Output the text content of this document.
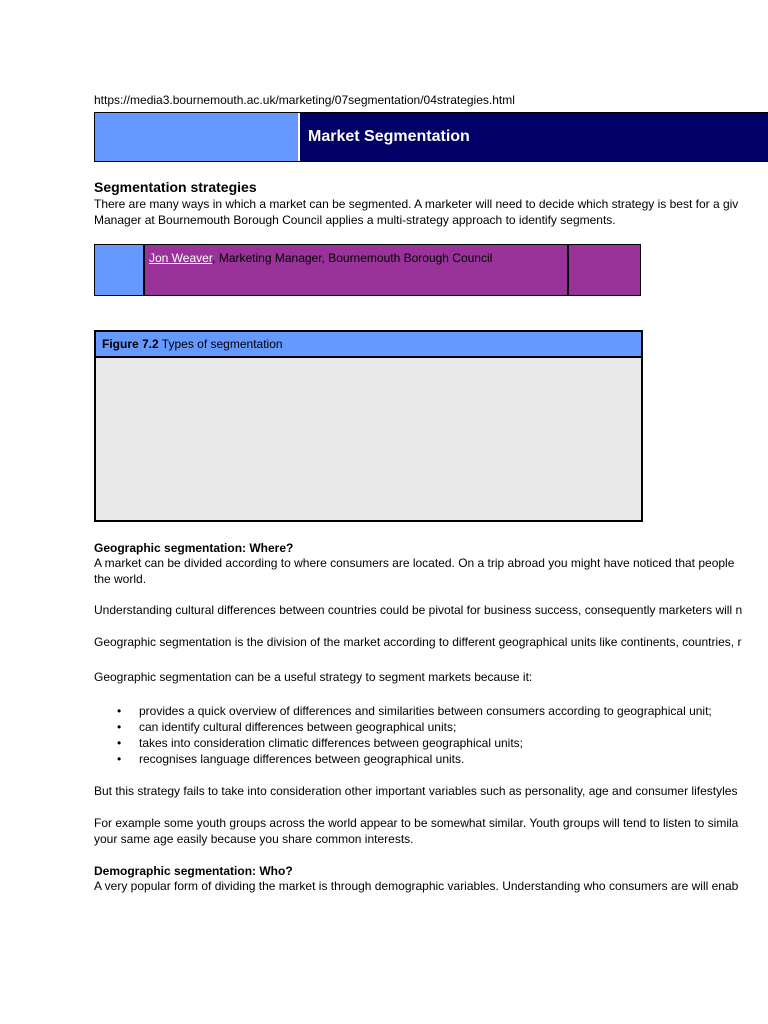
https://media3.bournemouth.ac.uk/marketing/07segmentation/04strategies.html
Market Segmentation
Segmentation strategies
There are many ways in which a market can be segmented. A marketer will need to decide which strategy is best for a giv
Manager at Bournemouth Borough Council applies a multi-strategy approach to identify segments.
Jon Weaver, Marketing Manager, Bournemouth Borough Council
Figure 7.2 Types of segmentation
Geographic segmentation: Where?
A market can be divided according to where consumers are located. On a trip abroad you might have noticed that people
the world.
Understanding cultural differences between countries could be pivotal for business success, consequently marketers will n
Geographic segmentation is the division of the market according to different geographical units like continents, countries, r
Geographic segmentation can be a useful strategy to segment markets because it:
• provides a quick overview of differences and similarities between consumers according to geographical unit;
• can identify cultural differences between geographical units;
• takes into consideration climatic differences between geographical units;
• recognises language differences between geographical units.
But this strategy fails to take into consideration other important variables such as personality, age and consumer lifestyles
For example some youth groups across the world appear to be somewhat similar. Youth groups will tend to listen to simila
your same age easily because you share common interests.
Demographic segmentation: Who?
A very popular form of dividing the market is through demographic variables. Understanding who consumers are will enab
